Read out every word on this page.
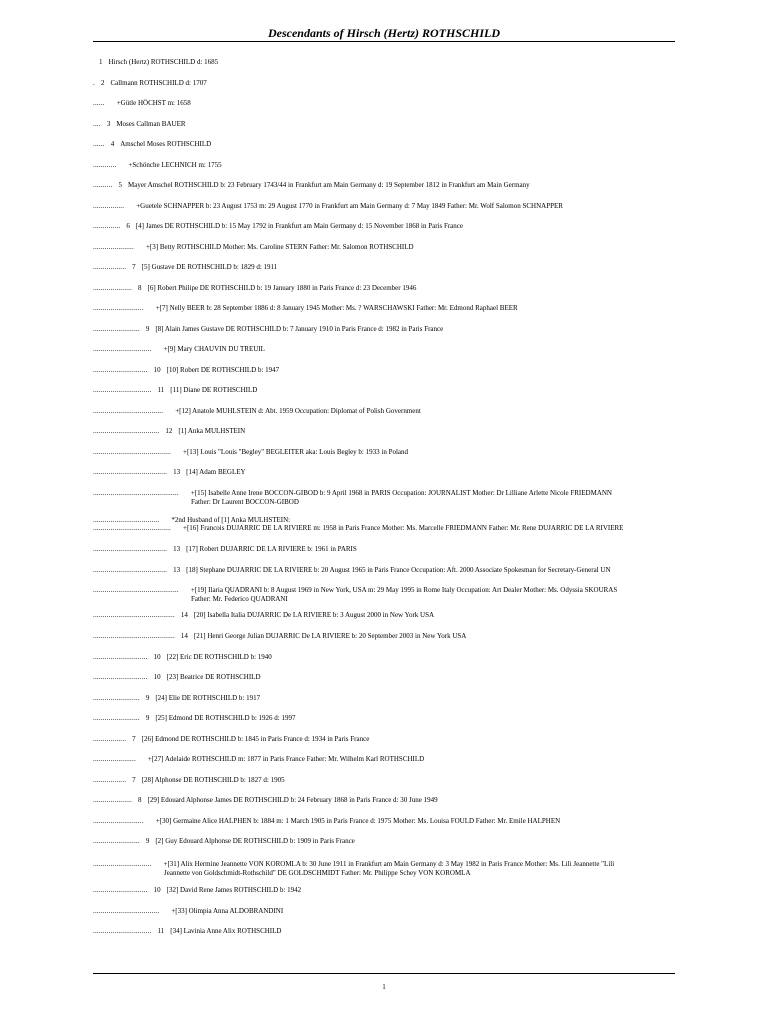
Descendants of Hirsch (Hertz) ROTHSCHILD
1 Hirsch (Hertz) ROTHSCHILD d: 1685
. 2 Callmann ROTHSCHILD d: 1707
...... +Gütle HÖCHST m: 1658
.... 3 Moses Callman BAUER
...... 4 Amschel Moses ROTHSCHILD
............ +Schönche LECHNICH m: 1755
.......... 5 Mayer Amschel ROTHSCHILD b: 23 February 1743/44 in Frankfurt am Main Germany d: 19 September 1812 in Frankfurt am Main Germany
................ +Guetele SCHNAPPER b: 23 August 1753 m: 29 August 1770 in Frankfurt am Main Germany d: 7 May 1849 Father: Mr. Wolf Salomon SCHNAPPER
.............. 6 [4] James DE ROTHSCHILD b: 15 May 1792 in Frankfurt am Main Germany d: 15 November 1868 in Paris France
..................... +[3] Betty ROTHSCHILD Mother: Ms. Caroline STERN Father: Mr. Salomon ROTHSCHILD
................. 7 [5] Gustave DE ROTHSCHILD b: 1829 d: 1911
.................... 8 [6] Robert Philipe DE ROTHSCHILD b: 19 January 1880 in Paris France d: 23 December 1946
.......................... +[7] Nelly BEER b: 28 September 1886 d: 8 January 1945 Mother: Ms. ? WARSCHAWSKI Father: Mr. Edmond Raphael BEER
........................ 9 [8] Alain James Gustave DE ROTHSCHILD b: 7 January 1910 in Paris France d: 1982 in Paris France
.............................. +[9] Mary CHAUVIN DU TREUIL
............................ 10 [10] Robert DE ROTHSCHILD b: 1947
.............................. 11 [11] Diane DE ROTHSCHILD
.................................... +[12] Anatole MUHLSTEIN d: Abt. 1959 Occupation: Diplomat of Polish Government
.................................. 12 [1] Anka MULHSTEIN
........................................ +[13] Louis "Louis "Begley" BEGLEITER aka: Louis Begley b: 1933 in Poland
...................................... 13 [14] Adam BEGLEY
............................................ +[15] Isabelle Anne Irene BOCCON-GIBOD b: 9 April 1968 in PARIS Occupation: JOURNALIST Mother: Dr Lilliane Arlette Nicole FRIEDMANN
Father: Dr Laurent BOCCON-GIBOD
.................................. *2nd Husband of [1] Anka MULHSTEIN:
........................................ +[16] Francois DUJARRIC DE LA RIVIERE m: 1958 in Paris France Mother: Ms. Marcelle FRIEDMANN Father: Mr. Rene DUJARRIC DE LA RIVIERE
...................................... 13 [17] Robert DUJARRIC DE LA RIVIERE b: 1961 in PARIS
...................................... 13 [18] Stephane DUJARRIC DE LA RIVIERE b: 20 August 1965 in Paris France Occupation: Aft. 2000 Associate Spokesman for Secretary-General UN
............................................ +[19] Ilaria QUADRANI b: 8 August 1969 in New York, USA m: 29 May 1995 in Rome Italy Occupation: Art Dealer Mother: Ms. Odyssia SKOURAS
Father: Mr. Federico QUADRANI
.......................................... 14 [20] Isabella Italia DUJARRIC De LA RIVIERE b: 3 August 2000 in New York USA
.......................................... 14 [21] Henri George Julian DUJARRIC De LA RIVIERE b: 20 September 2003 in New York USA
............................ 10 [22] Eric DE ROTHSCHILD b: 1940
............................ 10 [23] Beatrice DE ROTHSCHILD
........................ 9 [24] Elie DE ROTHSCHILD b: 1917
........................ 9 [25] Edmond DE ROTHSCHILD b: 1926 d: 1997
................. 7 [26] Edmond DE ROTHSCHILD b: 1845 in Paris France d: 1934 in Paris France
...................... +[27] Adelaide ROTHSCHILD m: 1877 in Paris France Father: Mr. Wilhelm Karl ROTHSCHILD
................. 7 [28] Alphonse DE ROTHSCHILD b: 1827 d: 1905
.................... 8 [29] Edouard Alphonse James DE ROTHSCHILD b: 24 February 1868 in Paris France d: 30 June 1949
.......................... +[30] Germaine Alice HALPHEN b: 1884 m: 1 March 1905 in Paris France d: 1975 Mother: Ms. Louisa FOULD Father: Mr. Emile HALPHEN
........................ 9 [2] Guy Edouard Alphonse DE ROTHSCHILD b: 1909 in Paris France
.............................. +[31] Alix Hermine Jeannette VON KOROMLA b: 30 June 1911 in Frankfurt am Main Germany d: 3 May 1982 in Paris France Mother: Ms. Lili Jeannette "Lili
Jeannette von Goldschmidt-Rothschild" DE GOLDSCHMIDT Father: Mr. Philippe Schey VON KOROMLA
............................ 10 [32] David Rene James ROTHSCHILD b: 1942
.................................. +[33] Olimpia Anna ALDOBRANDINI
.............................. 11 [34] Lavinia Anne Alix ROTHSCHILD
1
